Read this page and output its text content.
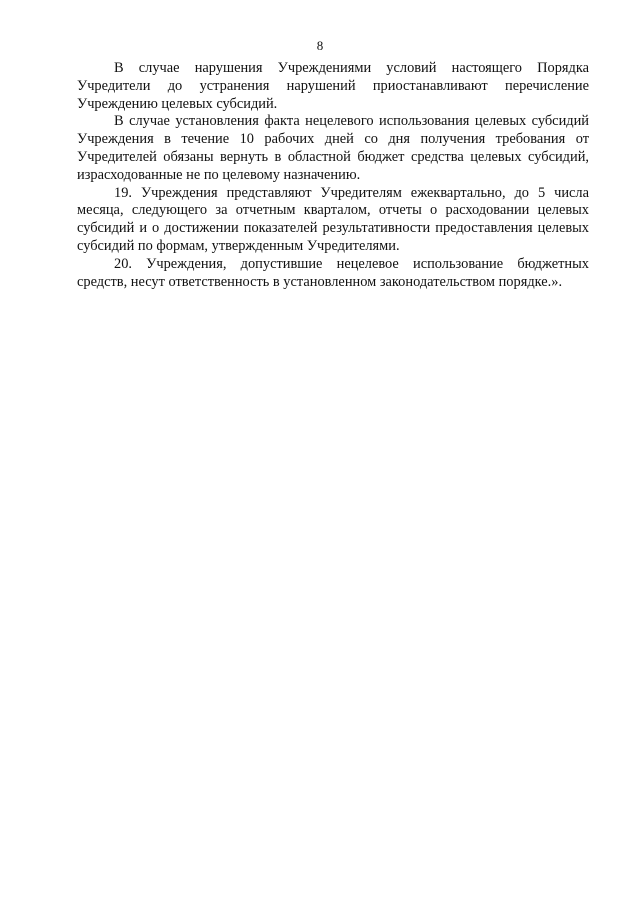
8

В случае нарушения Учреждениями условий настоящего Порядка Учредители до устранения нарушений приостанавливают перечисление Учреждению целевых субсидий.

В случае установления факта нецелевого использования целевых субсидий Учреждения в течение 10 рабочих дней со дня получения требования от Учредителей обязаны вернуть в областной бюджет средства целевых субсидий, израсходованные не по целевому назначению.

19. Учреждения представляют Учредителям ежеквартально, до 5 числа месяца, следующего за отчетным кварталом, отчеты о расходовании целевых субсидий и о достижении показателей результативности предоставления целевых субсидий по формам, утвержденным Учредителями.

20. Учреждения, допустившие нецелевое использование бюджетных средств, несут ответственность в установленном законодательством порядке.».
